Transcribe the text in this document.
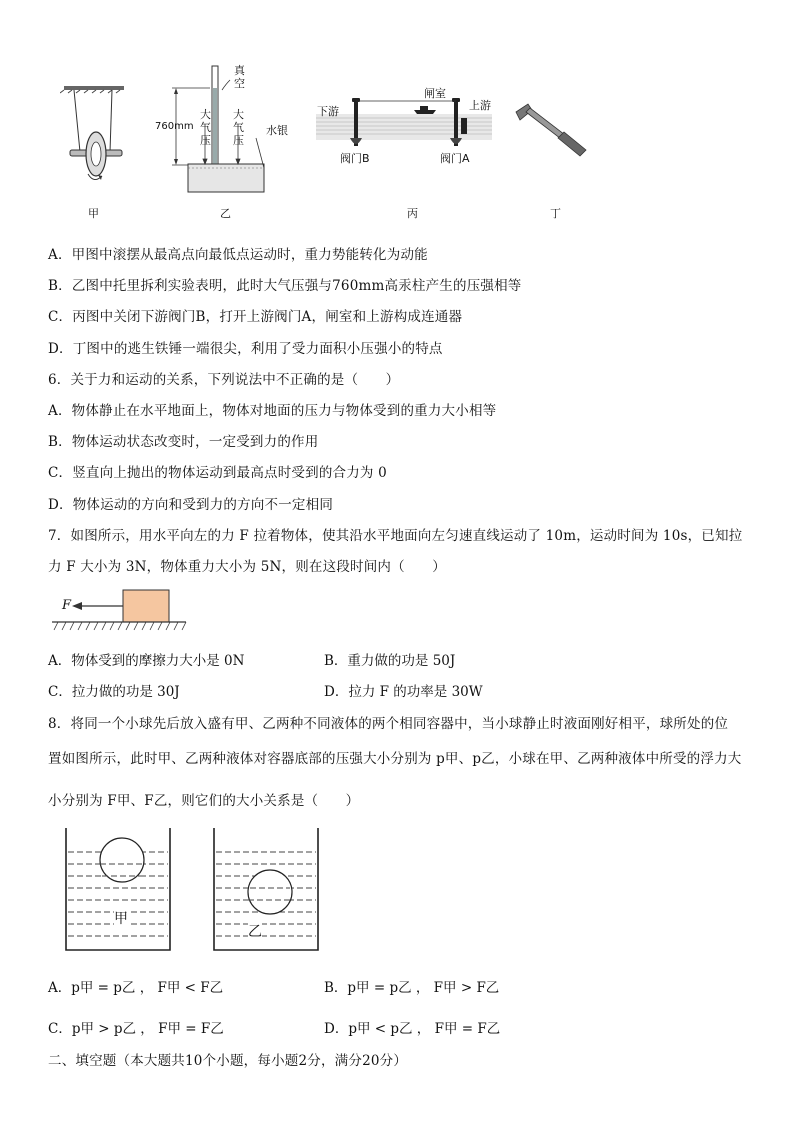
甲
真空
760mm
大气压
大气压
水银
乙
闸室
下游	上游
阀门B	阀门A
丙	丁
A．甲图中滚摆从最高点向最低点运动时，重力势能转化为动能
B．乙图中托里拆利实验表明，此时大气压强与760mm高汞柱产生的压强相等
C．丙图中关闭下游阀门B，打开上游阀门A，闸室和上游构成连通器
D．丁图中的逃生铁锤一端很尖，利用了受力面积小压强小的特点
6．关于力和运动的关系，下列说法中不正确的是（　　）
A．物体静止在水平地面上，物体对地面的压力与物体受到的重力大小相等
B．物体运动状态改变时，一定受到力的作用
C．竖直向上抛出的物体运动到最高点时受到的合力为 0
D．物体运动的方向和受到力的方向不一定相同
7．如图所示，用水平向左的力 F 拉着物体，使其沿水平地面向左匀速直线运动了 10m，运动时间为 10s，已知拉
力 F 大小为 3N，物体重力大小为 5N，则在这段时间内（　　）
F
A．物体受到的摩擦力大小是 0N	B．重力做的功是 50J
C．拉力做的功是 30J	D．拉力 F 的功率是 30W
8．将同一个小球先后放入盛有甲、乙两种不同液体的两个相同容器中，当小球静止时液面刚好相平，球所处的位
置如图所示，此时甲、乙两种液体对容器底部的压强大小分别为 p甲、p乙，小球在甲、乙两种液体中所受的浮力大
小分别为 F甲、F乙，则它们的大小关系是（　　）
甲
乙
A．p甲 = p乙 ， F甲 < F乙	B．p甲 = p乙 ， F甲 > F乙
C．p甲 > p乙 ， F甲 = F乙	D．p甲 < p乙 ， F甲 = F乙
二、填空题（本大题共10个小题，每小题2分，满分20分）
